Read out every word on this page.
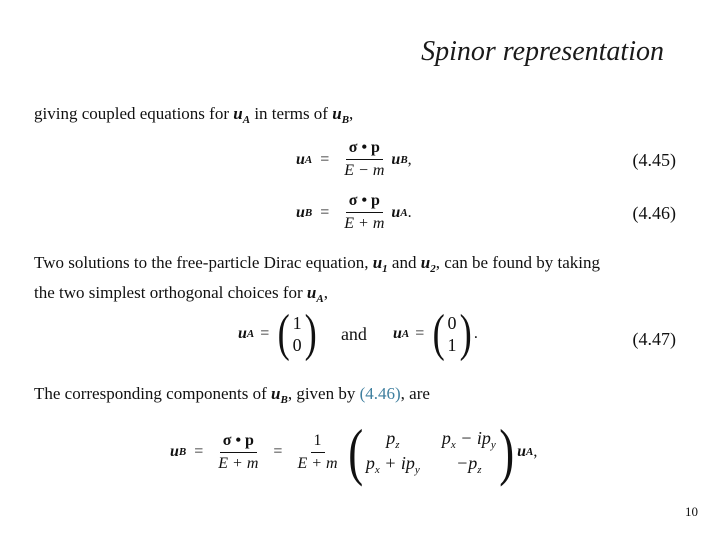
Spinor representation
giving coupled equations for $u_A$ in terms of $u_B$,
u $A = \frac{\sigma • p}{E - m}$ u B ,	(4.45)
u $B = \frac{\sigma • p}{E + m}$ u A .	(4.46)
Two solutions to the free-particle Dirac equation, $u_1$ and $u_2$, can be found by taking
the two simplest orthogonal choices for $u_A$,
u A = ( 1
0 ) and u A = ( 0
1 ) .	(4.47)
The corresponding components of $u_B$, given by (4.46), are
u $B = \frac{\sigma • p}{E + m} = \frac{1}{E + m}$ (	$p_z$	$p_x - ip_y$
$p_x + ip_y$	$-p_z$ ) u A ,
10
